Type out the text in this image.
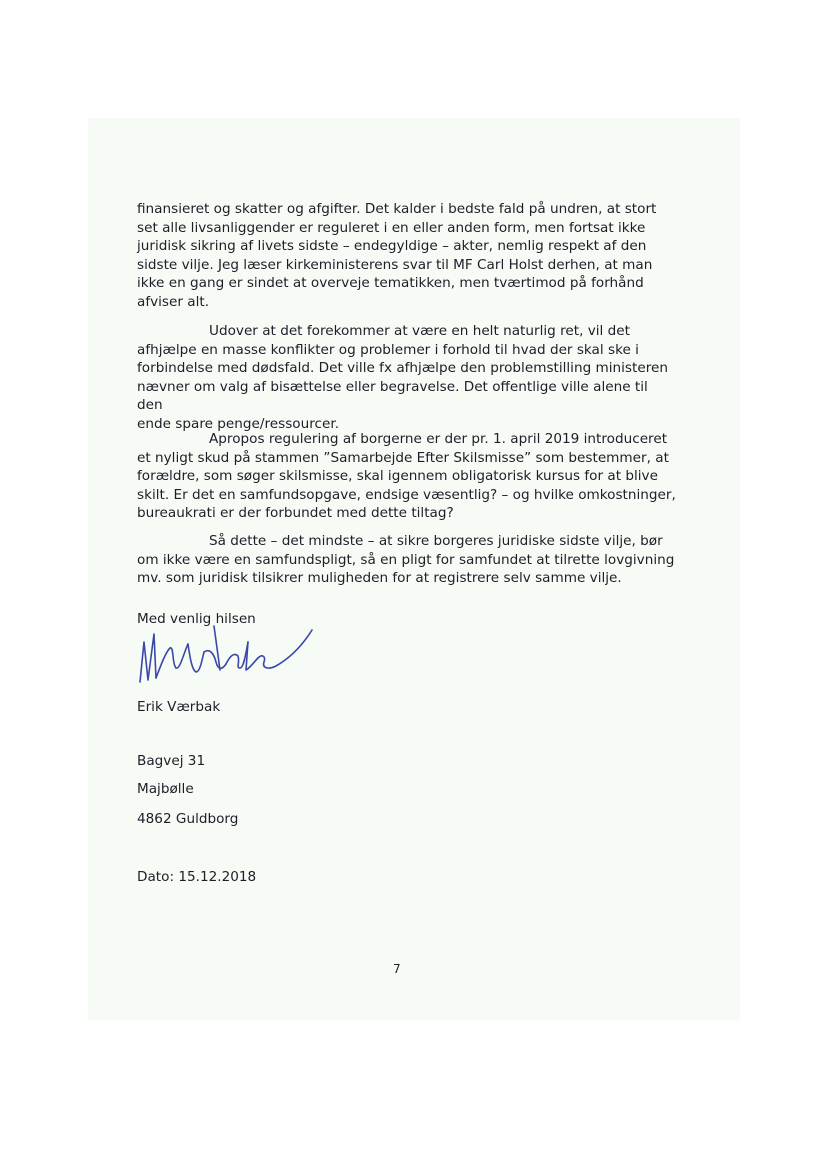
finansieret og skatter og afgifter. Det kalder i bedste fald på undren, at stort
set alle livsanliggender er reguleret i en eller anden form, men fortsat ikke
juridisk sikring af livets sidste – endegyldige – akter, nemlig respekt af den
sidste vilje. Jeg læser kirkeministerens svar til MF Carl Holst derhen, at man
ikke en gang er sindet at overveje tematikken, men tværtimod på forhånd
afviser alt.

Udover at det forekommer at være en helt naturlig ret, vil det
afhjælpe en masse konflikter og problemer i forhold til hvad der skal ske i
forbindelse med dødsfald. Det ville fx afhjælpe den problemstilling ministeren
nævner om valg af bisættelse eller begravelse. Det offentlige ville alene til den
ende spare penge/ressourcer.

Apropos regulering af borgerne er der pr. 1. april 2019 introduceret
et nyligt skud på stammen ”Samarbejde Efter Skilsmisse” som bestemmer, at
forældre, som søger skilsmisse, skal igennem obligatorisk kursus for at blive
skilt. Er det en samfundsopgave, endsige væsentlig? – og hvilke omkostninger,
bureaukrati er der forbundet med dette tiltag?

Så dette – det mindste – at sikre borgeres juridiske sidste vilje, bør
om ikke være en samfundspligt, så en pligt for samfundet at tilrette lovgivning
mv. som juridisk tilsikrer muligheden for at registrere selv samme vilje.

Med venlig hilsen

Erik Værbak

Bagvej 31

Majbølle

4862 Guldborg

Dato: 15.12.2018

7
